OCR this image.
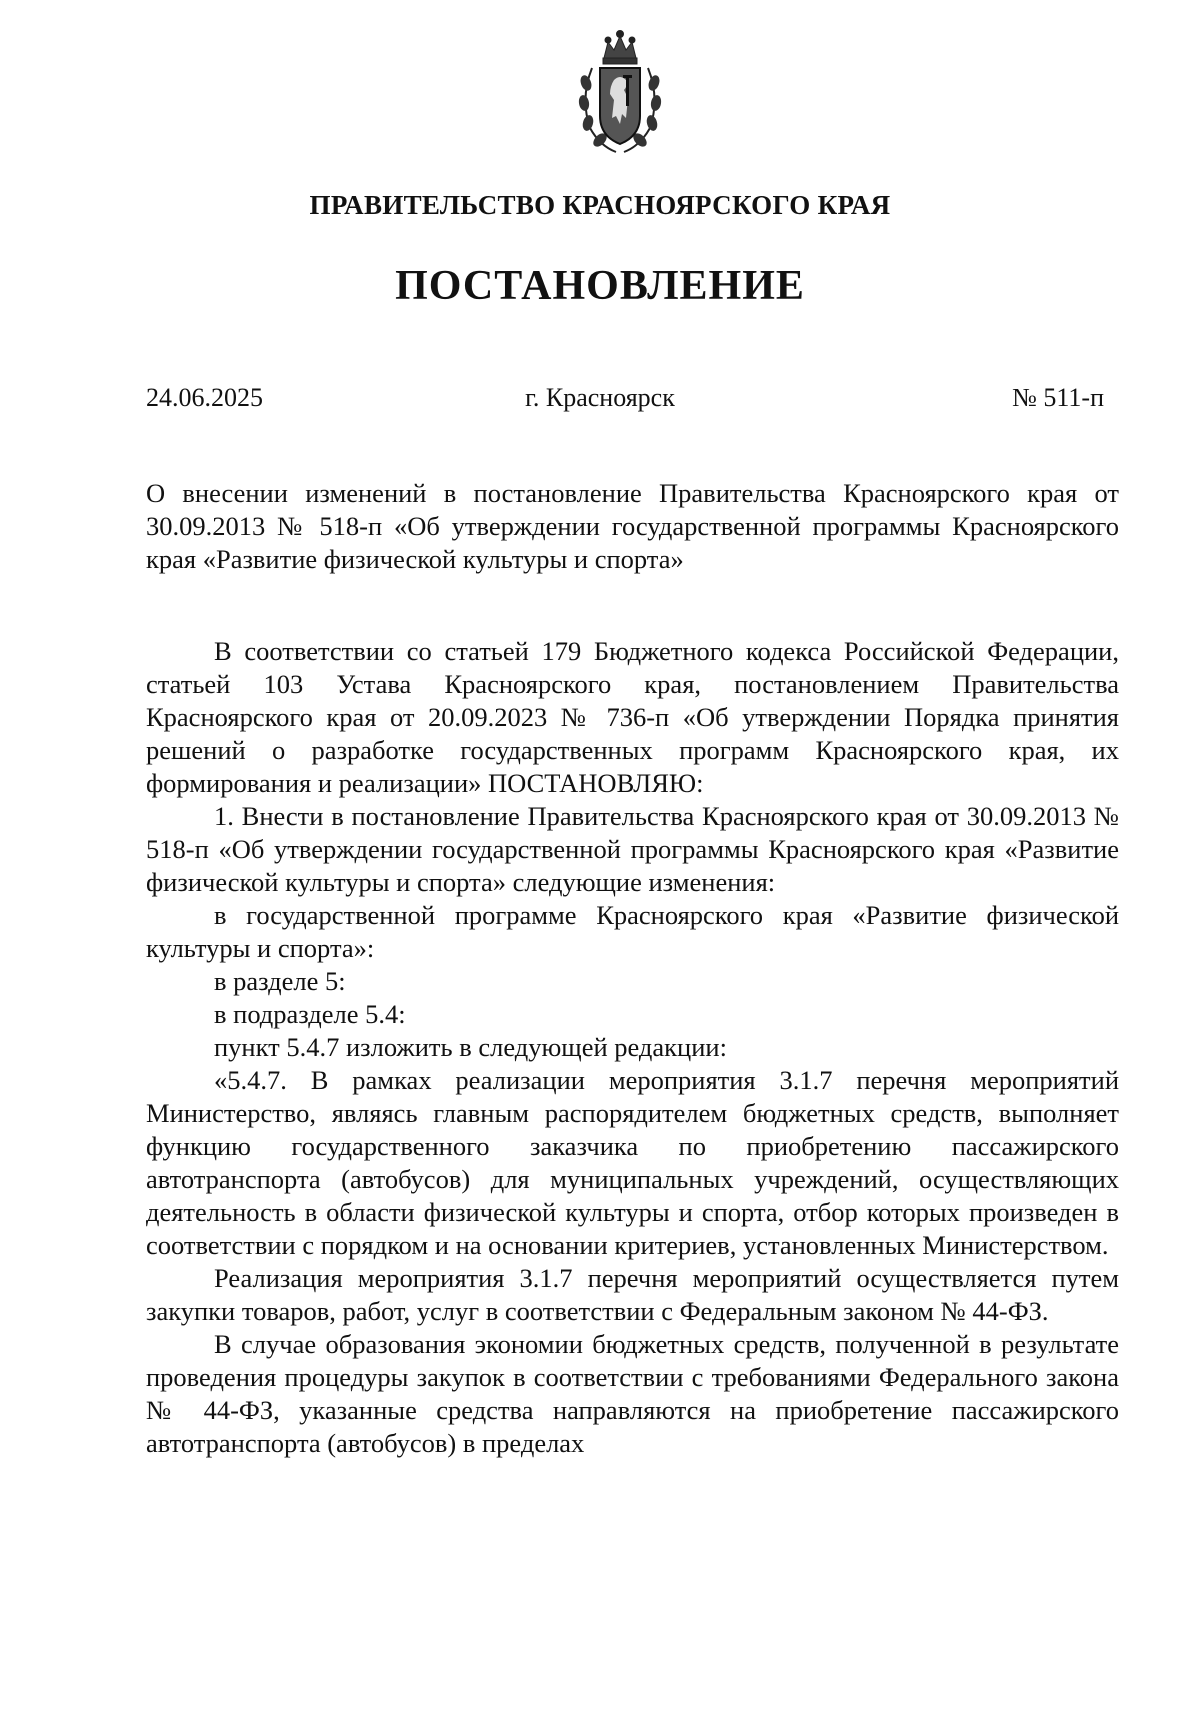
ПРАВИТЕЛЬСТВО КРАСНОЯРСКОГО КРАЯ
ПОСТАНОВЛЕНИЕ
24.06.2025	г. Красноярск	№ 511-п

О внесении изменений в постановление Правительства Красноярского края от 30.09.2013 № 518-п «Об утверждении государственной программы Красноярского края «Развитие физической культуры и спорта»

В соответствии со статьей 179 Бюджетного кодекса Российской Федерации, статьей 103 Устава Красноярского края, постановлением Правительства Красноярского края от 20.09.2023 № 736-п «Об утверждении Порядка принятия решений о разработке государственных программ Красноярского края, их формирования и реализации» ПОСТАНОВЛЯЮ:

1. Внести в постановление Правительства Красноярского края от 30.09.2013 № 518-п «Об утверждении государственной программы Красноярского края «Развитие физической культуры и спорта» следующие изменения:

в государственной программе Красноярского края «Развитие физической культуры и спорта»:

в разделе 5:

в подразделе 5.4:

пункт 5.4.7 изложить в следующей редакции:

«5.4.7. В рамках реализации мероприятия 3.1.7 перечня мероприятий Министерство, являясь главным распорядителем бюджетных средств, выполняет функцию государственного заказчика по приобретению пассажирского автотранспорта (автобусов) для муниципальных учреждений, осуществляющих деятельность в области физической культуры и спорта, отбор которых произведен в соответствии с порядком и на основании критериев, установленных Министерством.

Реализация мероприятия 3.1.7 перечня мероприятий осуществляется путем закупки товаров, работ, услуг в соответствии с Федеральным законом № 44-ФЗ.

В случае образования экономии бюджетных средств, полученной в результате проведения процедуры закупок в соответствии с требованиями Федерального закона № 44-ФЗ, указанные средства направляются на приобретение пассажирского автотранспорта (автобусов) в пределах
